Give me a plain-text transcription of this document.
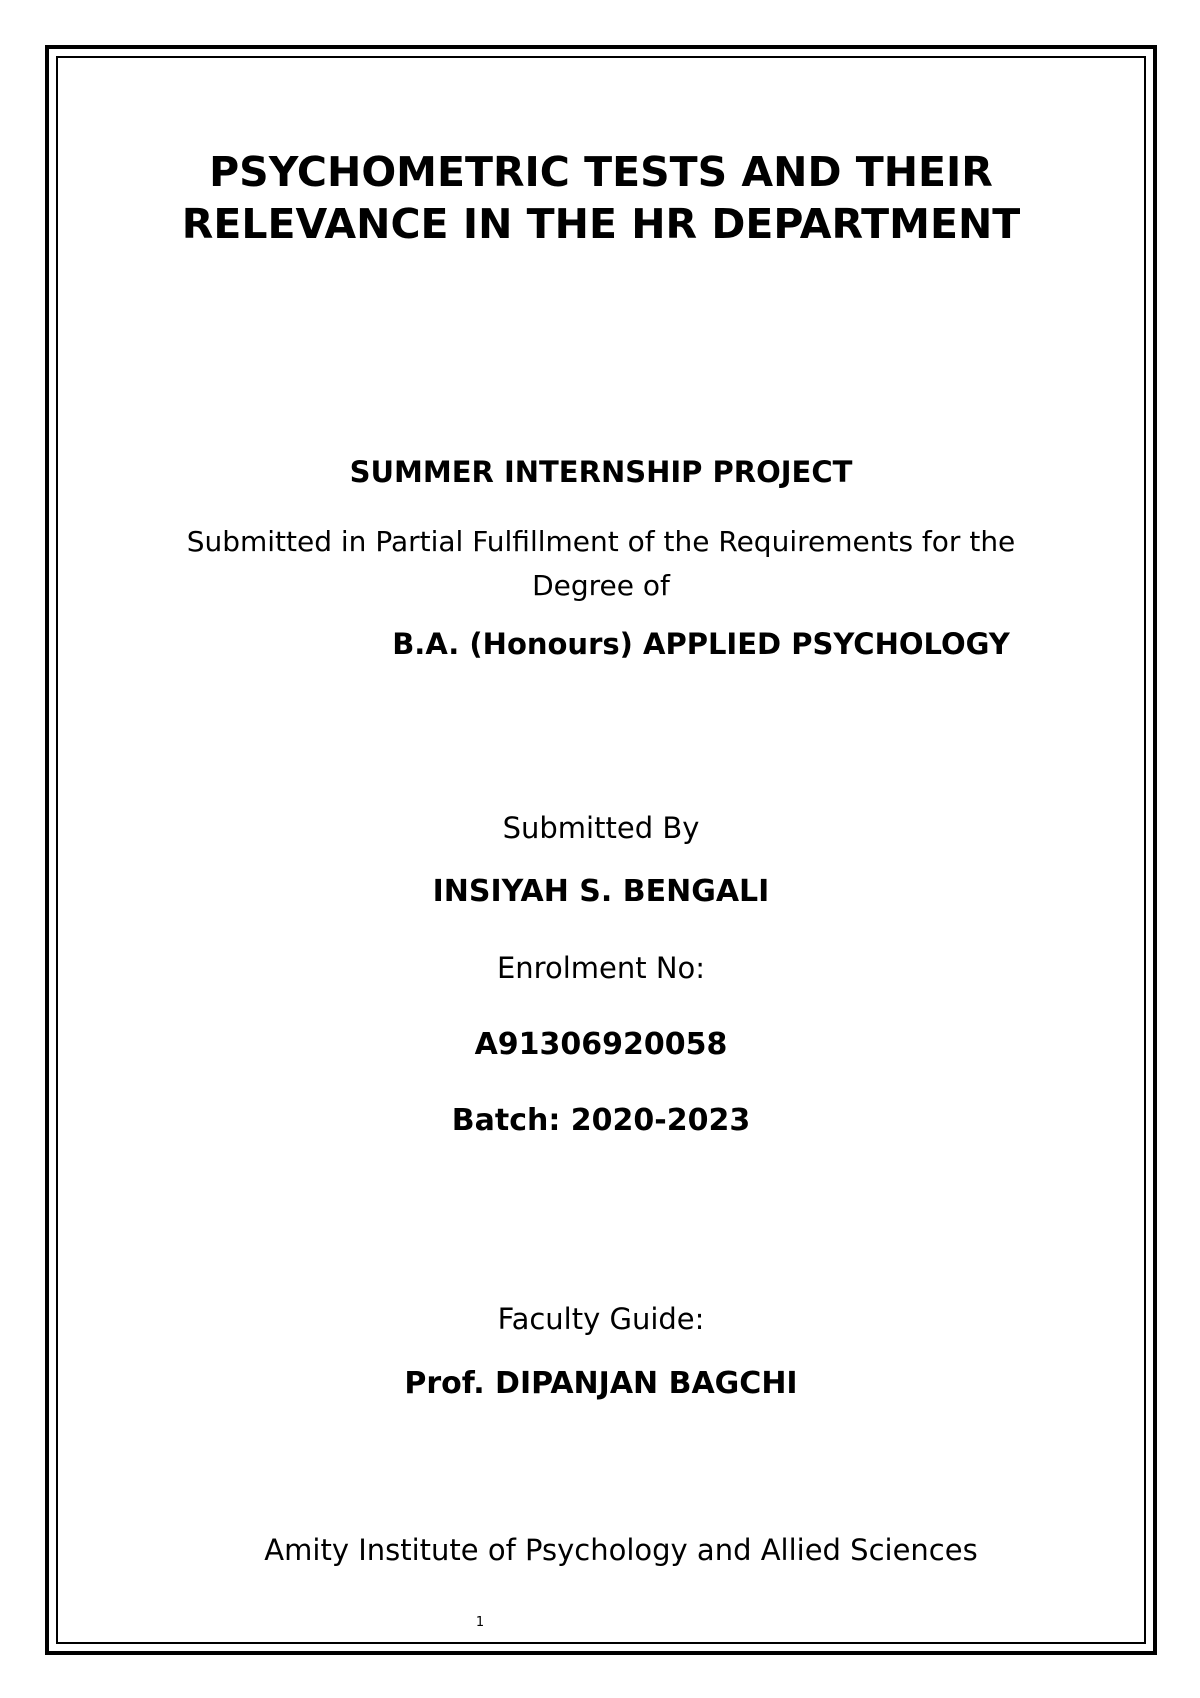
PSYCHOMETRIC TESTS AND THEIR
RELEVANCE IN THE HR DEPARTMENT
SUMMER INTERNSHIP PROJECT
Submitted in Partial Fulfillment of the Requirements for the
Degree of
B.A. (Honours) APPLIED PSYCHOLOGY
Submitted By
INSIYAH S. BENGALI
Enrolment No:
A91306920058
Batch: 2020-2023
Faculty Guide:
Prof. DIPANJAN BAGCHI
Amity Institute of Psychology and Allied Sciences
1
